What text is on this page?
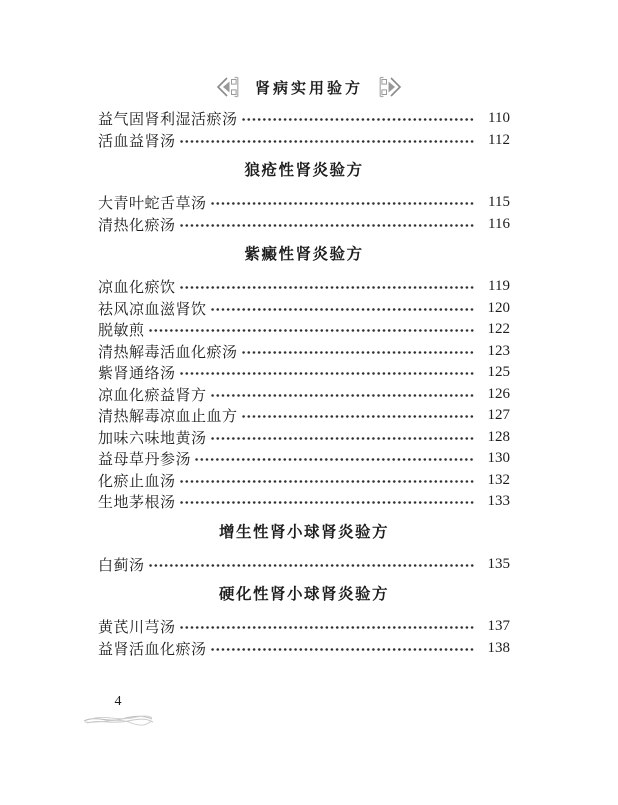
肾病实用验方
益气固肾利湿活瘀汤	110
活血益肾汤	112
狼疮性肾炎验方
大青叶蛇舌草汤	115
清热化瘀汤	116
紫癜性肾炎验方
凉血化瘀饮	119
祛风凉血滋肾饮	120
脱敏煎	122
清热解毒活血化瘀汤	123
紫肾通络汤	125
凉血化瘀益肾方	126
清热解毒凉血止血方	127
加味六味地黄汤	128
益母草丹参汤	130
化瘀止血汤	132
生地茅根汤	133
增生性肾小球肾炎验方
白蓟汤	135
硬化性肾小球肾炎验方
黄芪川芎汤	137
益肾活血化瘀汤	138
4
